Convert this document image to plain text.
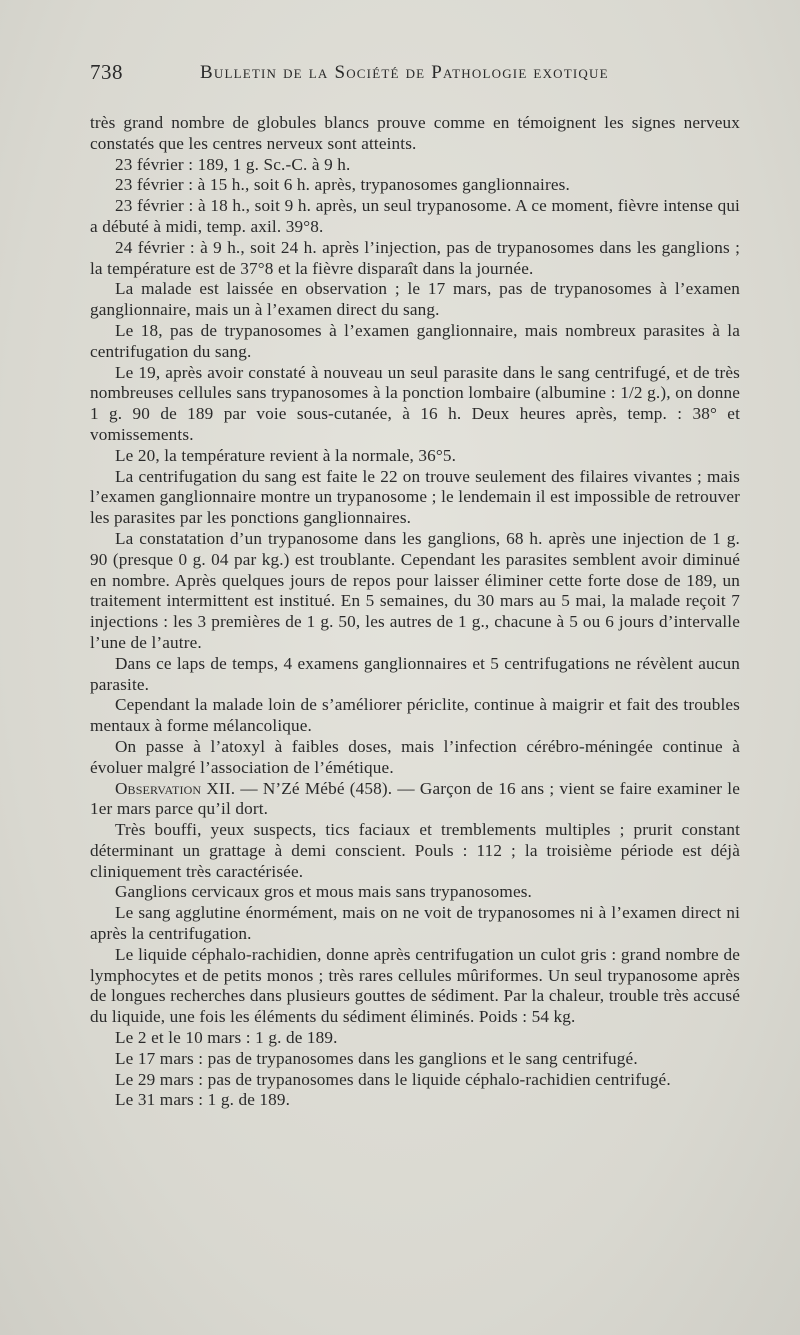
738	Bulletin de la Société de Pathologie exotique

très grand nombre de globules blancs prouve comme en témoignent les signes nerveux constatés que les centres nerveux sont atteints.

23 février : 189, 1 g. Sc.-C. à 9 h.

23 février : à 15 h., soit 6 h. après, trypanosomes ganglionnaires.

23 février : à 18 h., soit 9 h. après, un seul trypanosome. A ce moment, fièvre intense qui a débuté à midi, temp. axil. 39°8.

24 février : à 9 h., soit 24 h. après l’injection, pas de trypanosomes dans les ganglions ; la température est de 37°8 et la fièvre disparaît dans la journée.

La malade est laissée en observation ; le 17 mars, pas de trypanosomes à l’examen ganglionnaire, mais un à l’examen direct du sang.

Le 18, pas de trypanosomes à l’examen ganglionnaire, mais nombreux parasites à la centrifugation du sang.

Le 19, après avoir constaté à nouveau un seul parasite dans le sang centrifugé, et de très nombreuses cellules sans trypanosomes à la ponction lombaire (albumine : 1/2 g.), on donne 1 g. 90 de 189 par voie sous-cutanée, à 16 h. Deux heures après, temp. : 38° et vomissements.

Le 20, la température revient à la normale, 36°5.

La centrifugation du sang est faite le 22 on trouve seulement des filaires vivantes ; mais l’examen ganglionnaire montre un trypanosome ; le lendemain il est impossible de retrouver les parasites par les ponctions ganglionnaires.

La constatation d’un trypanosome dans les ganglions, 68 h. après une injection de 1 g. 90 (presque 0 g. 04 par kg.) est troublante. Cependant les parasites semblent avoir diminué en nombre. Après quelques jours de repos pour laisser éliminer cette forte dose de 189, un traitement intermittent est institué. En 5 semaines, du 30 mars au 5 mai, la malade reçoit 7 injections : les 3 premières de 1 g. 50, les autres de 1 g., chacune à 5 ou 6 jours d’intervalle l’une de l’autre.

Dans ce laps de temps, 4 examens ganglionnaires et 5 centrifugations ne révèlent aucun parasite.

Cependant la malade loin de s’améliorer périclite, continue à maigrir et fait des troubles mentaux à forme mélancolique.

On passe à l’atoxyl à faibles doses, mais l’infection cérébro-méningée continue à évoluer malgré l’association de l’émétique.

Observation XII. — N’Zé Mébé (458). — Garçon de 16 ans ; vient se faire examiner le 1er mars parce qu’il dort.

Très bouffi, yeux suspects, tics faciaux et tremblements multiples ; prurit constant déterminant un grattage à demi conscient. Pouls : 112 ; la troisième période est déjà cliniquement très caractérisée.

Ganglions cervicaux gros et mous mais sans trypanosomes.

Le sang agglutine énormément, mais on ne voit de trypanosomes ni à l’examen direct ni après la centrifugation.

Le liquide céphalo-rachidien, donne après centrifugation un culot gris : grand nombre de lymphocytes et de petits monos ; très rares cellules mûriformes. Un seul trypanosome après de longues recherches dans plusieurs gouttes de sédiment. Par la chaleur, trouble très accusé du liquide, une fois les éléments du sédiment éliminés. Poids : 54 kg.

Le 2 et le 10 mars : 1 g. de 189.

Le 17 mars : pas de trypanosomes dans les ganglions et le sang centrifugé.

Le 29 mars : pas de trypanosomes dans le liquide céphalo-rachidien centrifugé.

Le 31 mars : 1 g. de 189.
